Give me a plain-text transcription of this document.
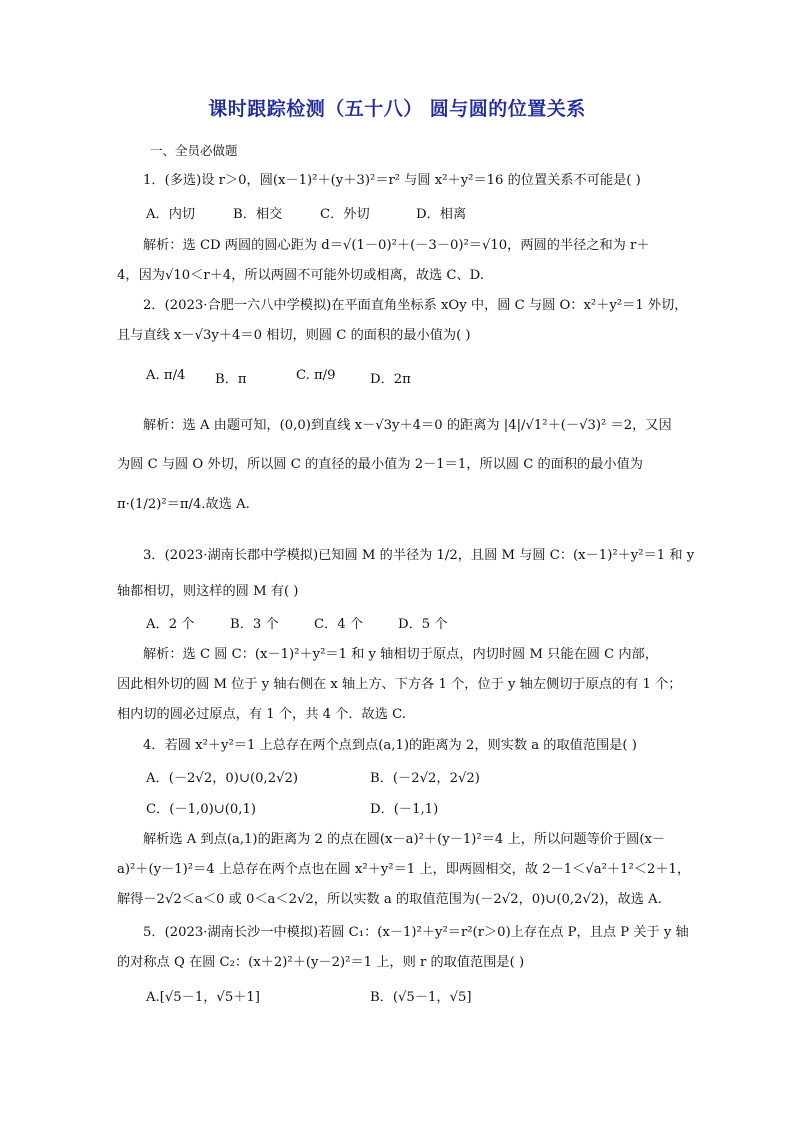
课时跟踪检测（五十八） 圆与圆的位置关系
一、全员必做题
1．(多选)设 r＞0，圆(x－1)²＋(y＋3)²＝r² 与圆 x²＋y²＝16 的位置关系不可能是( )
A．内切	B．相交	C．外切	D．相离
解析：选 CD 两圆的圆心距为 d＝√(1－0)²＋(－3－0)²＝√10，两圆的半径之和为 r＋
4，因为√10＜r＋4，所以两圆不可能外切或相离，故选 C、D.
2．(2023·合肥一六八中学模拟)在平面直角坐标系 xOy 中，圆 C 与圆 O：x²＋y²＝1 外切，
且与直线 x－√3y＋4＝0 相切，则圆 C 的面积的最小值为( )
A. π/4 B．π	C. π/9	D．2π
解析：选 A 由题可知，(0,0)到直线 x－√3y＋4＝0 的距离为 |4|/√1²＋(－√3)² ＝2，又因
为圆 C 与圆 O 外切，所以圆 C 的直径的最小值为 2－1＝1，所以圆 C 的面积的最小值为
π·(1/2)²＝π/4.故选 A.
3．(2023·湖南长郡中学模拟)已知圆 M 的半径为 1/2，且圆 M 与圆 C：(x－1)²＋y²＝1 和 y
轴都相切，则这样的圆 M 有( )
A．2 个	B．3 个	C．4 个	D．5 个
解析：选 C 圆 C：(x－1)²＋y²＝1 和 y 轴相切于原点，内切时圆 M 只能在圆 C 内部，
因此相外切的圆 M 位于 y 轴右侧在 x 轴上方、下方各 1 个，位于 y 轴左侧切于原点的有 1 个；
相内切的圆必过原点，有 1 个，共 4 个．故选 C.
4．若圆 x²＋y²＝1 上总存在两个点到点(a,1)的距离为 2，则实数 a 的取值范围是( )
A．(－2√2，0)∪(0,2√2)	B．(－2√2，2√2)
C．(－1,0)∪(0,1)	D．(－1,1)
解析选 A 到点(a,1)的距离为 2 的点在圆(x－a)²＋(y－1)²＝4 上，所以问题等价于圆(x－
a)²＋(y－1)²＝4 上总存在两个点也在圆 x²＋y²＝1 上，即两圆相交，故 2－1＜√a²＋1²＜2＋1，
解得－2√2＜a＜0 或 0＜a＜2√2，所以实数 a 的取值范围为(－2√2，0)∪(0,2√2)，故选 A.
5．(2023·湖南长沙一中模拟)若圆 C₁：(x－1)²＋y²＝r²(r＞0)上存在点 P，且点 P 关于 y 轴
的对称点 Q 在圆 C₂：(x＋2)²＋(y－2)²＝1 上，则 r 的取值范围是( )
A.[√5－1，√5＋1]	B．(√5－1，√5]
